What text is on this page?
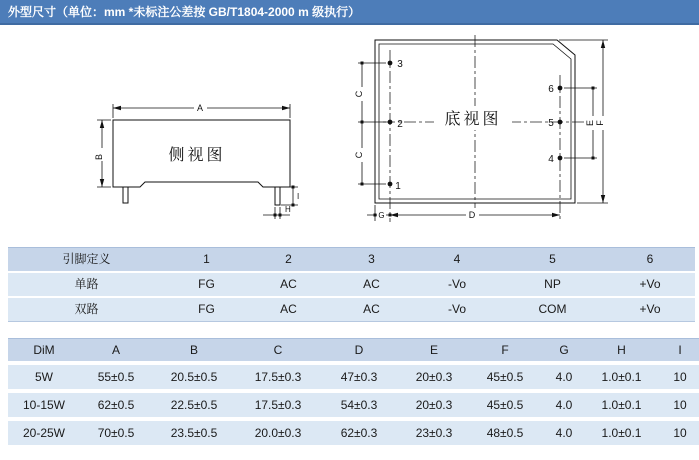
外型尺寸（单位：mm *未标注公差按 GB/T1804-2000 m 级执行）
A
B
I
H
侧视图
3
2
1
6
5
4
C
C
E F
G	D
底视图
引脚定义	1	2	3	4	5	6
单路	FG	AC	AC	-Vo	NP	+Vo
双路	FG	AC	AC	-Vo	COM	+Vo
DiM	A	B	C	D	E	F	G	H	I
5W	55±0.5	20.5±0.5	17.5±0.3	47±0.3	20±0.3	45±0.5	4.0	1.0±0.1	10
10-15W	62±0.5	22.5±0.5	17.5±0.3	54±0.3	20±0.3	45±0.5	4.0	1.0±0.1	10
20-25W	70±0.5	23.5±0.5	20.0±0.3	62±0.3	23±0.3	48±0.5	4.0	1.0±0.1	10
